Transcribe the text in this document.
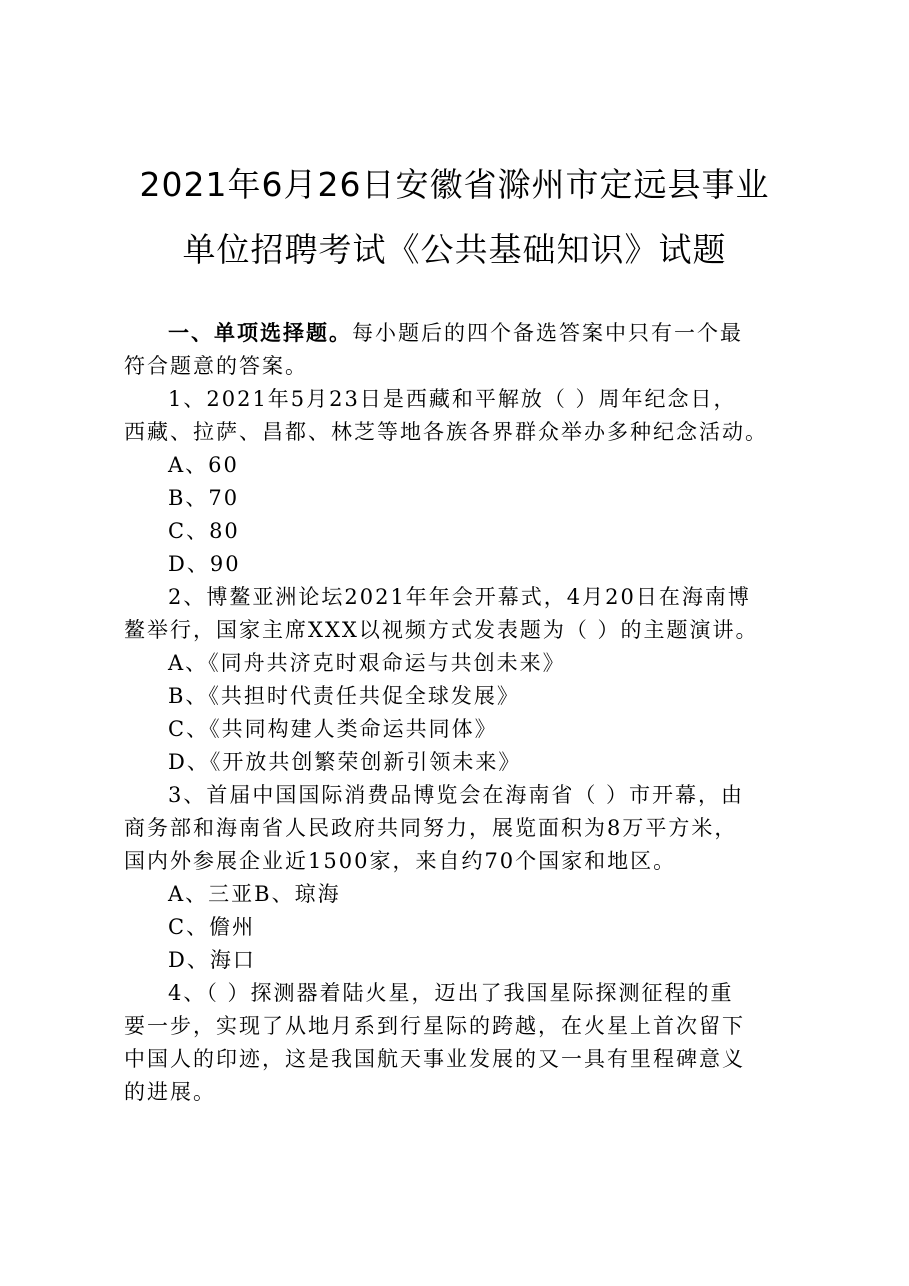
2021年6月26日安徽省滁州市定远县事业
单位招聘考试《公共基础知识》试题
一、单项选择题。每小题后的四个备选答案中只有一个最
符合题意的答案。
1、2021年5月23日是西藏和平解放（ ）周年纪念日，
西藏、拉萨、昌都、林芝等地各族各界群众举办多种纪念活动。
A、60
B、70
C、80
D、90
2、博鳌亚洲论坛2021年年会开幕式，4月20日在海南博
鳌举行，国家主席XXX以视频方式发表题为（ ）的主题演讲。
A、《同舟共济克时艰命运与共创未来》
B、《共担时代责任共促全球发展》
C、《共同构建人类命运共同体》
D、《开放共创繁荣创新引领未来》
3、首届中国国际消费品博览会在海南省（ ）市开幕，由
商务部和海南省人民政府共同努力，展览面积为8万平方米，
国内外参展企业近1500家，来自约70个国家和地区。
A、三亚B、琼海
C、儋州
D、海口
4、（ ）探测器着陆火星，迈出了我国星际探测征程的重
要一步，实现了从地月系到行星际的跨越，在火星上首次留下
中国人的印迹，这是我国航天事业发展的又一具有里程碑意义
的进展。
